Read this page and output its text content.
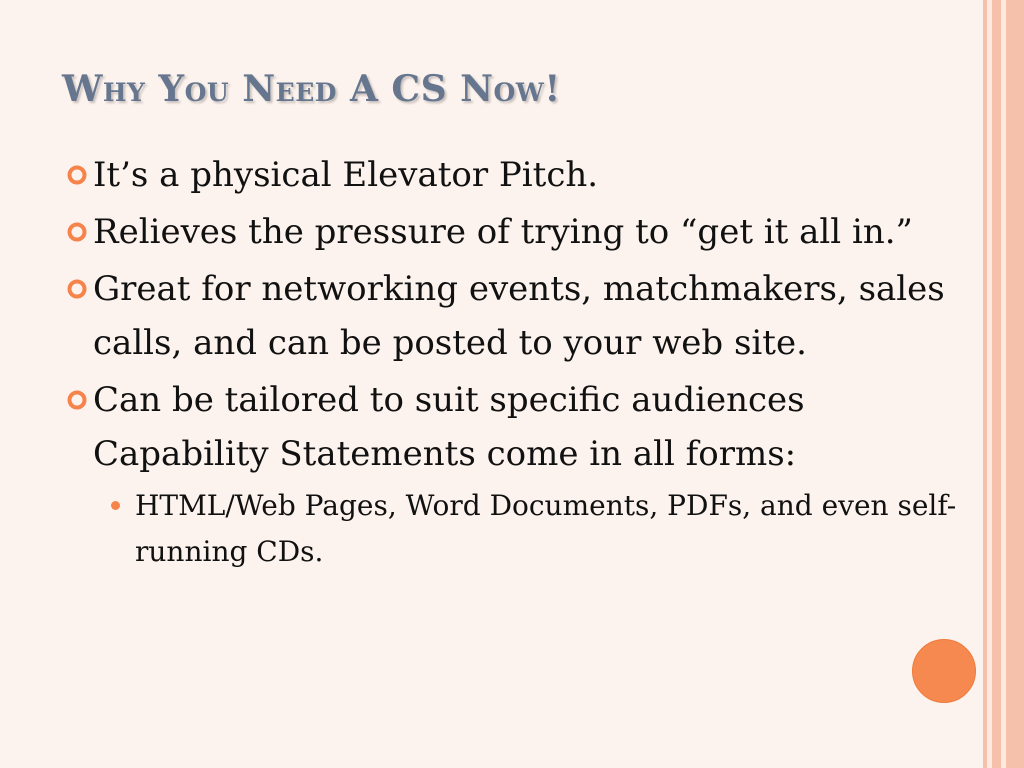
Why You Need A CS Now!
It’s a physical Elevator Pitch.
Relieves the pressure of trying to “get it all in.”
Great for networking events, matchmakers, sales calls, and can be posted to your web site.
Can be tailored to suit specific audiences Capability Statements come in all forms:
HTML/Web Pages, Word Documents, PDFs, and even self-running CDs.
